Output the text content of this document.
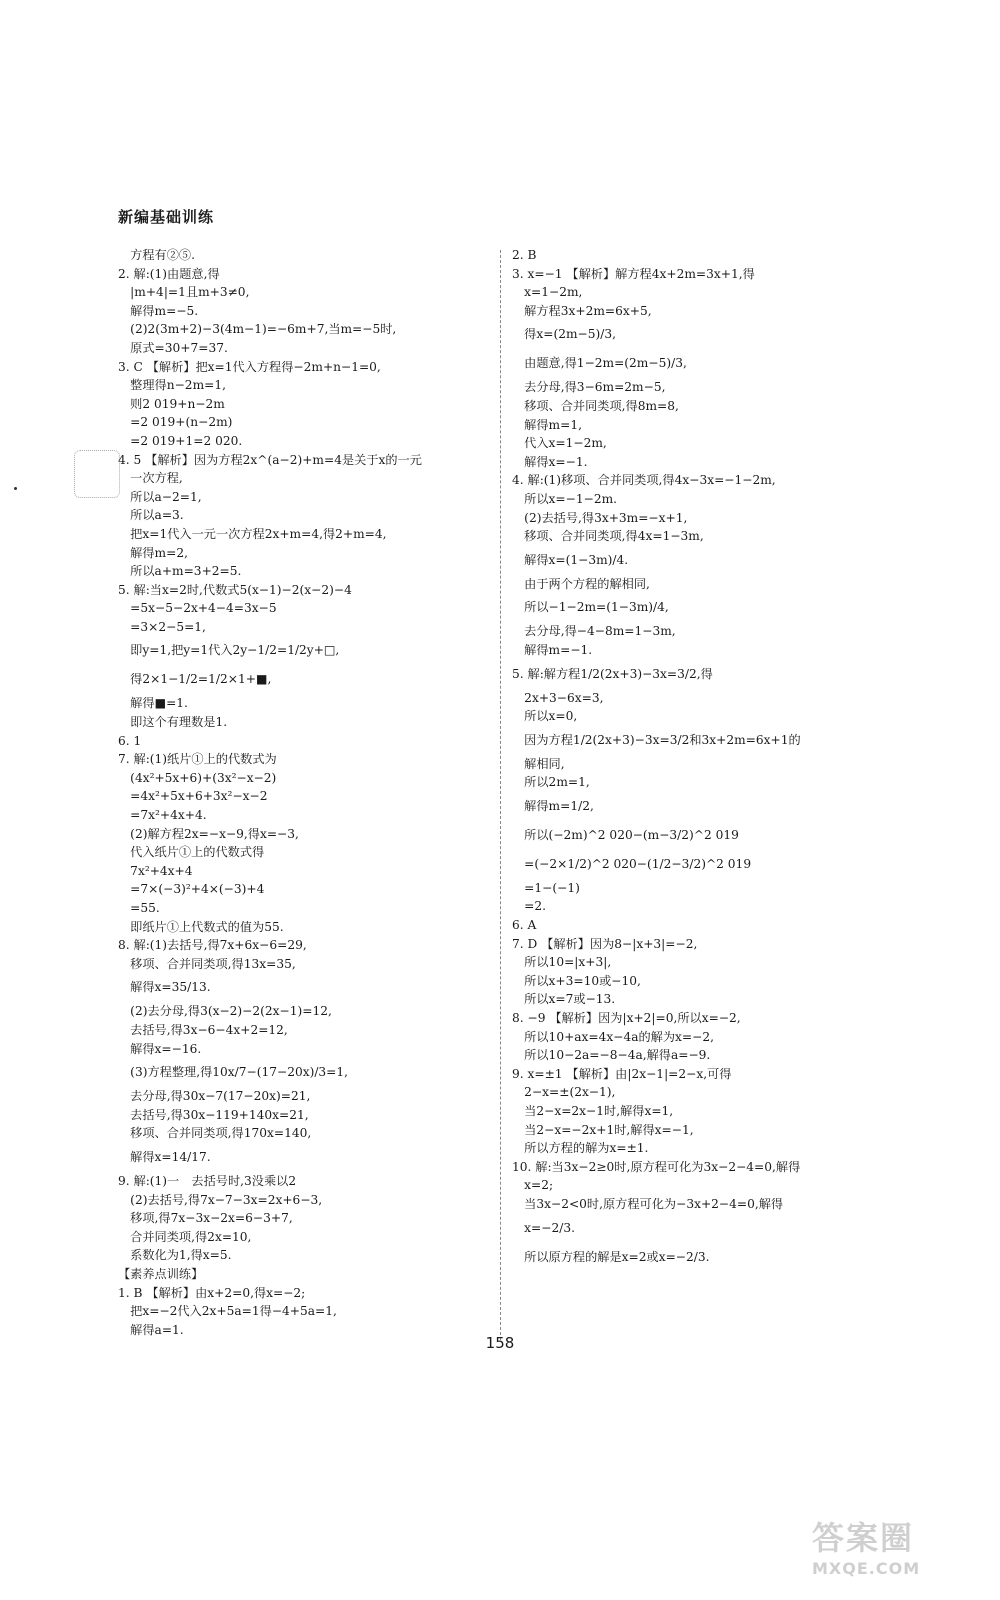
新编基础训练
　方程有②⑤.
2. 解:(1)由题意,得
　|m+4|=1且m+3≠0,
　解得m=−5.
　(2)2(3m+2)−3(4m−1)=−6m+7,当m=−5时,
　原式=30+7=37.
3. C 【解析】把x=1代入方程得−2m+n−1=0,
　整理得n−2m=1,
　则2 019+n−2m
　=2 019+(n−2m)
　=2 019+1=2 020.
4. 5 【解析】因为方程2x^(a−2)+m=4是关于x的一元
　一次方程,
　所以a−2=1,
　所以a=3.
　把x=1代入一元一次方程2x+m=4,得2+m=4,
　解得m=2,
　所以a+m=3+2=5.
5. 解:当x=2时,代数式5(x−1)−2(x−2)−4
　=5x−5−2x+4−4=3x−5
　=3×2−5=1,
　即y=1,把y=1代入2y−1/2=1/2y+□,
　得2×1−1/2=1/2×1+■,
　解得■=1.
　即这个有理数是1.
6. 1
7. 解:(1)纸片①上的代数式为
　(4x²+5x+6)+(3x²−x−2)
　=4x²+5x+6+3x²−x−2
　=7x²+4x+4.
　(2)解方程2x=−x−9,得x=−3,
　代入纸片①上的代数式得
　7x²+4x+4
　=7×(−3)²+4×(−3)+4
　=55.
　即纸片①上代数式的值为55.
8. 解:(1)去括号,得7x+6x−6=29,
　移项、合并同类项,得13x=35,
　解得x=35/13.
　(2)去分母,得3(x−2)−2(2x−1)=12,
　去括号,得3x−6−4x+2=12,
　解得x=−16.
　(3)方程整理,得10x/7−(17−20x)/3=1,
　去分母,得30x−7(17−20x)=21,
　去括号,得30x−119+140x=21,
　移项、合并同类项,得170x=140,
　解得x=14/17.
9. 解:(1)一　去括号时,3没乘以2
　(2)去括号,得7x−7−3x=2x+6−3,
　移项,得7x−3x−2x=6−3+7,
　合并同类项,得2x=10,
　系数化为1,得x=5.
【素养点训练】
1. B 【解析】由x+2=0,得x=−2;
　把x=−2代入2x+5a=1得−4+5a=1,
　解得a=1.
2. B
3. x=−1 【解析】解方程4x+2m=3x+1,得
　x=1−2m,
　解方程3x+2m=6x+5,
　得x=(2m−5)/3,
　由题意,得1−2m=(2m−5)/3,
　去分母,得3−6m=2m−5,
　移项、合并同类项,得8m=8,
　解得m=1,
　代入x=1−2m,
　解得x=−1.
4. 解:(1)移项、合并同类项,得4x−3x=−1−2m,
　所以x=−1−2m.
　(2)去括号,得3x+3m=−x+1,
　移项、合并同类项,得4x=1−3m,
　解得x=(1−3m)/4.
　由于两个方程的解相同,
　所以−1−2m=(1−3m)/4,
　去分母,得−4−8m=1−3m,
　解得m=−1.
5. 解:解方程1/2(2x+3)−3x=3/2,得
　2x+3−6x=3,
　所以x=0,
　因为方程1/2(2x+3)−3x=3/2和3x+2m=6x+1的
　解相同,
　所以2m=1,
　解得m=1/2,
　所以(−2m)^2 020−(m−3/2)^2 019
　=(−2×1/2)^2 020−(1/2−3/2)^2 019
　=1−(−1)
　=2.
6. A
7. D 【解析】因为8−|x+3|=−2,
　所以10=|x+3|,
　所以x+3=10或−10,
　所以x=7或−13.
8. −9 【解析】因为|x+2|=0,所以x=−2,
　所以10+ax=4x−4a的解为x=−2,
　所以10−2a=−8−4a,解得a=−9.
9. x=±1 【解析】由|2x−1|=2−x,可得
　2−x=±(2x−1),
　当2−x=2x−1时,解得x=1,
　当2−x=−2x+1时,解得x=−1,
　所以方程的解为x=±1.
10. 解:当3x−2≥0时,原方程可化为3x−2−4=0,解得
　x=2;
　当3x−2<0时,原方程可化为−3x+2−4=0,解得
　x=−2/3.
　所以原方程的解是x=2或x=−2/3.
158
答案圈
MXQE.COM
